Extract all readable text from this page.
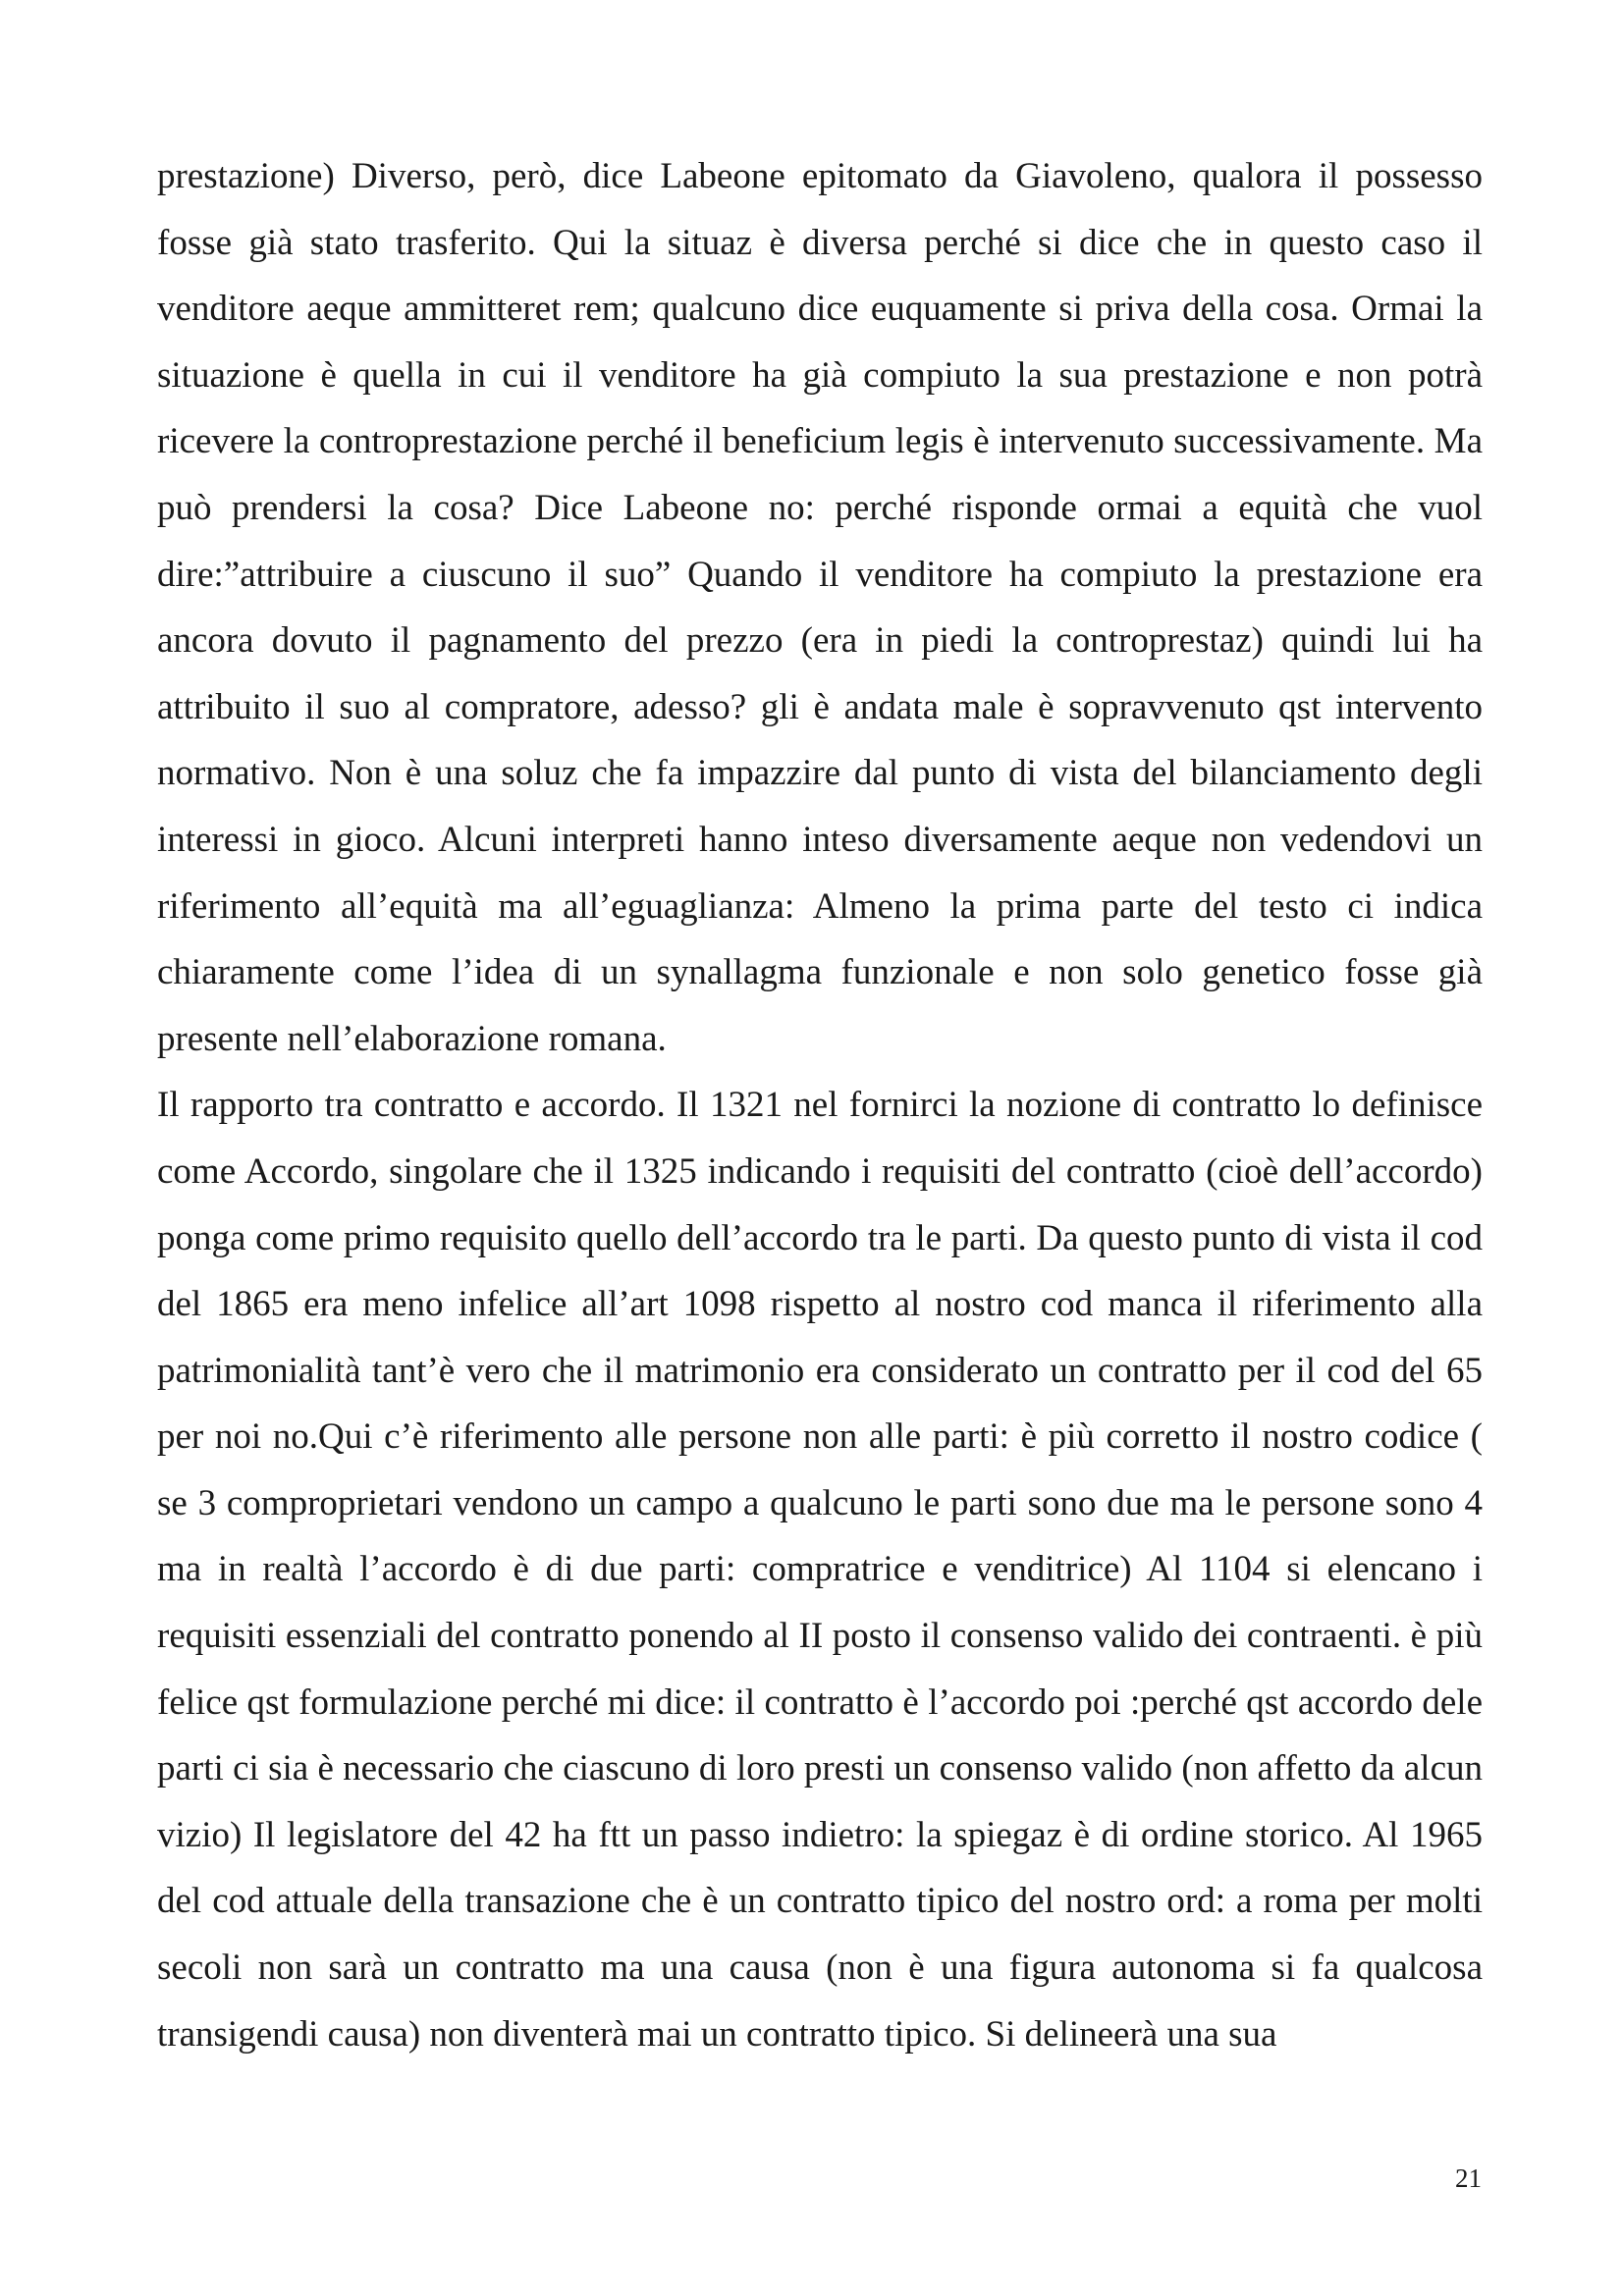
prestazione) Diverso, però, dice Labeone epitomato da Giavoleno, qualora il possesso fosse già stato trasferito. Qui la situaz è diversa perché si dice che in questo caso il venditore aeque ammitteret rem; qualcuno dice euquamente si priva della cosa. Ormai la situazione è quella in cui il venditore ha già compiuto la sua prestazione e non potrà ricevere la controprestazione perché il beneficium legis è intervenuto successivamente. Ma può prendersi la cosa? Dice Labeone no: perché risponde ormai a equità che vuol dire:”attribuire a ciuscuno il suo” Quando il venditore ha compiuto la prestazione era ancora dovuto il pagnamento del prezzo (era in piedi la controprestaz) quindi lui ha attribuito il suo al compratore, adesso? gli è andata male è sopravvenuto qst intervento normativo. Non è una soluz che fa impazzire dal punto di vista del bilanciamento degli interessi in gioco. Alcuni interpreti hanno inteso diversamente aeque non vedendovi un riferimento all’equità ma all’eguaglianza: Almeno la prima parte del testo ci indica chiaramente come l’idea di un synallagma funzionale e non solo genetico fosse già presente nell’elaborazione romana.

Il rapporto tra contratto e accordo. Il 1321 nel fornirci la nozione di contratto lo definisce come Accordo, singolare che il 1325 indicando i requisiti del contratto (cioè dell’accordo) ponga come primo requisito quello dell’accordo tra le parti. Da questo punto di vista il cod del 1865 era meno infelice all’art 1098 rispetto al nostro cod manca il riferimento alla patrimonialità tant’è vero che il matrimonio era considerato un contratto per il cod del 65 per noi no.Qui c’è riferimento alle persone non alle parti: è più corretto il nostro codice ( se 3 comproprietari vendono un campo a qualcuno le parti sono due ma le persone sono 4 ma in realtà l’accordo è di due parti: compratrice e venditrice) Al 1104 si elencano i requisiti essenziali del contratto ponendo al II posto il consenso valido dei contraenti. è più felice qst formulazione perché mi dice: il contratto è l’accordo poi :perché qst accordo dele parti ci sia è necessario che ciascuno di loro presti un consenso valido (non affetto da alcun vizio) Il legislatore del 42 ha ftt un passo indietro: la spiegaz è di ordine storico. Al 1965 del cod attuale della transazione che è un contratto tipico del nostro ord: a roma per molti secoli non sarà un contratto ma una causa (non è una figura autonoma si fa qualcosa transigendi causa) non diventerà mai un contratto tipico. Si delineerà una sua

21
